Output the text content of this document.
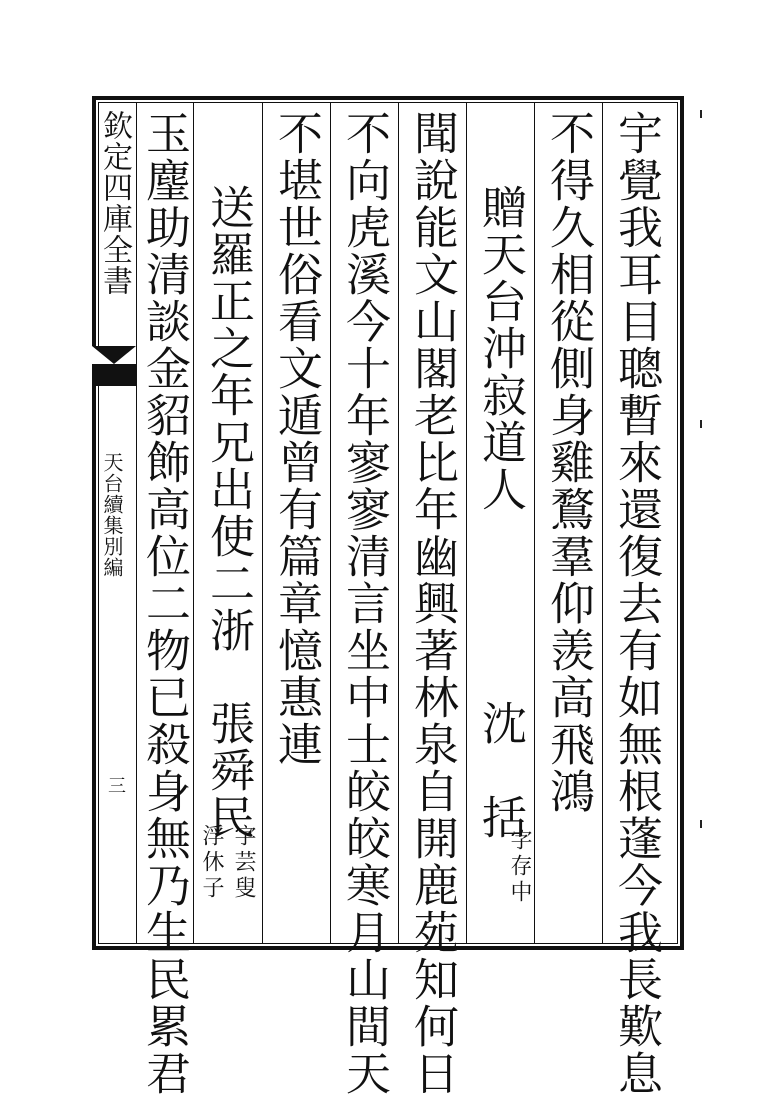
欽定四庫全書
天台續集別編
三	宇覺我耳目聰暫來還復去有如無根蓬今我長歎息
不得久相從側身雞鶩羣仰羡高飛鴻
贈天台沖寂道人
沈　括
字存中
聞說能文山閣老比年幽興著林泉自開鹿苑知何日
不向虎溪今十年寥寥清言坐中士皎皎寒月山間天
不堪世俗看文遁曾有篇章憶惠連
送羅正之年兄出使二浙
張舜民
字芸叟
浮休子
玉麈助清談金貂飾高位二物已殺身無乃生民累君
